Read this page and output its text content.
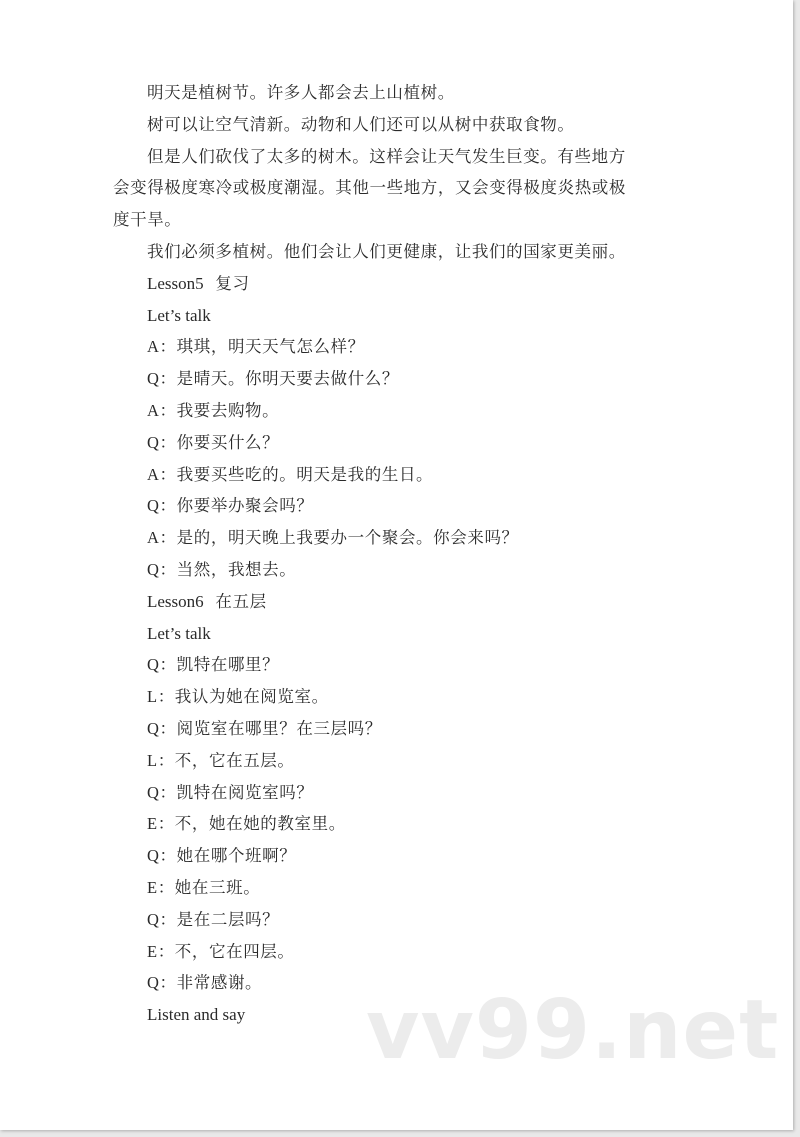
明天是植树节。许多人都会去上山植树。
树可以让空气清新。动物和人们还可以从树中获取食物。
但是人们砍伐了太多的树木。这样会让天气发生巨变。有些地方
会变得极度寒冷或极度潮湿。其他一些地方，又会变得极度炎热或极
度干旱。
我们必须多植树。他们会让人们更健康，让我们的国家更美丽。
Lesson5 复习
Let’s talk
A：琪琪，明天天气怎么样？
Q：是晴天。你明天要去做什么？
A：我要去购物。
Q：你要买什么？
A：我要买些吃的。明天是我的生日。
Q：你要举办聚会吗？
A：是的，明天晚上我要办一个聚会。你会来吗？
Q：当然，我想去。
Lesson6 在五层
Let’s talk
Q：凯特在哪里？
L：我认为她在阅览室。
Q：阅览室在哪里？在三层吗？
L：不，它在五层。
Q：凯特在阅览室吗？
E：不，她在她的教室里。
Q：她在哪个班啊？
E：她在三班。
Q：是在二层吗？
E：不，它在四层。
Q：非常感谢。
Listen and say	vv99.net
